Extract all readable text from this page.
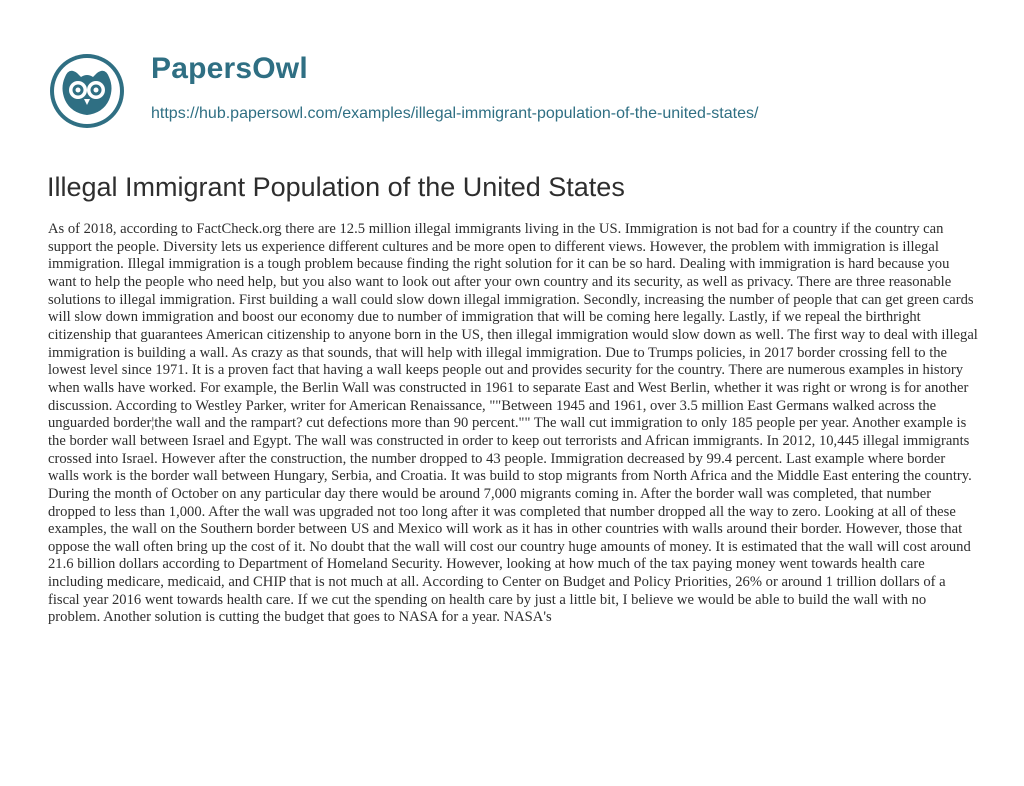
PapersOwl
https://hub.papersowl.com/examples/illegal-immigrant-population-of-the-united-states/
Illegal Immigrant Population of the United States

As of 2018, according to FactCheck.org there are 12.5 million illegal immigrants living in the US. Immigration is not bad for a country if the country can support the people. Diversity lets us experience different cultures and be more open to different views. However, the problem with immigration is illegal immigration. Illegal immigration is a tough problem because finding the right solution for it can be so hard. Dealing with immigration is hard because you want to help the people who need help, but you also want to look out after your own country and its security, as well as privacy. There are three reasonable solutions to illegal immigration. First building a wall could slow down illegal immigration. Secondly, increasing the number of people that can get green cards will slow down immigration and boost our economy due to number of immigration that will be coming here legally. Lastly, if we repeal the birthright citizenship that guarantees American citizenship to anyone born in the US, then illegal immigration would slow down as well. The first way to deal with illegal immigration is building a wall. As crazy as that sounds, that will help with illegal immigration. Due to Trumps policies, in 2017 border crossing fell to the lowest level since 1971. It is a proven fact that having a wall keeps people out and provides security for the country. There are numerous examples in history when walls have worked. For example, the Berlin Wall was constructed in 1961 to separate East and West Berlin, whether it was right or wrong is for another discussion. According to Westley Parker, writer for American Renaissance, ""Between 1945 and 1961, over 3.5 million East Germans walked across the unguarded border¦the wall and the rampart? cut defections more than 90 percent."" The wall cut immigration to only 185 people per year. Another example is the border wall between Israel and Egypt. The wall was constructed in order to keep out terrorists and African immigrants. In 2012, 10,445 illegal immigrants crossed into Israel. However after the construction, the number dropped to 43 people. Immigration decreased by 99.4 percent. Last example where border walls work is the border wall between Hungary, Serbia, and Croatia. It was build to stop migrants from North Africa and the Middle East entering the country. During the month of October on any particular day there would be around 7,000 migrants coming in. After the border wall was completed, that number dropped to less than 1,000. After the wall was upgraded not too long after it was completed that number dropped all the way to zero. Looking at all of these examples, the wall on the Southern border between US and Mexico will work as it has in other countries with walls around their border. However, those that oppose the wall often bring up the cost of it. No doubt that the wall will cost our country huge amounts of money. It is estimated that the wall will cost around 21.6 billion dollars according to Department of Homeland Security. However, looking at how much of the tax paying money went towards health care including medicare, medicaid, and CHIP that is not much at all. According to Center on Budget and Policy Priorities, 26% or around 1 trillion dollars of a fiscal year 2016 went towards health care. If we cut the spending on health care by just a little bit, I believe we would be able to build the wall with no problem. Another solution is cutting the budget that goes to NASA for a year. NASA's
